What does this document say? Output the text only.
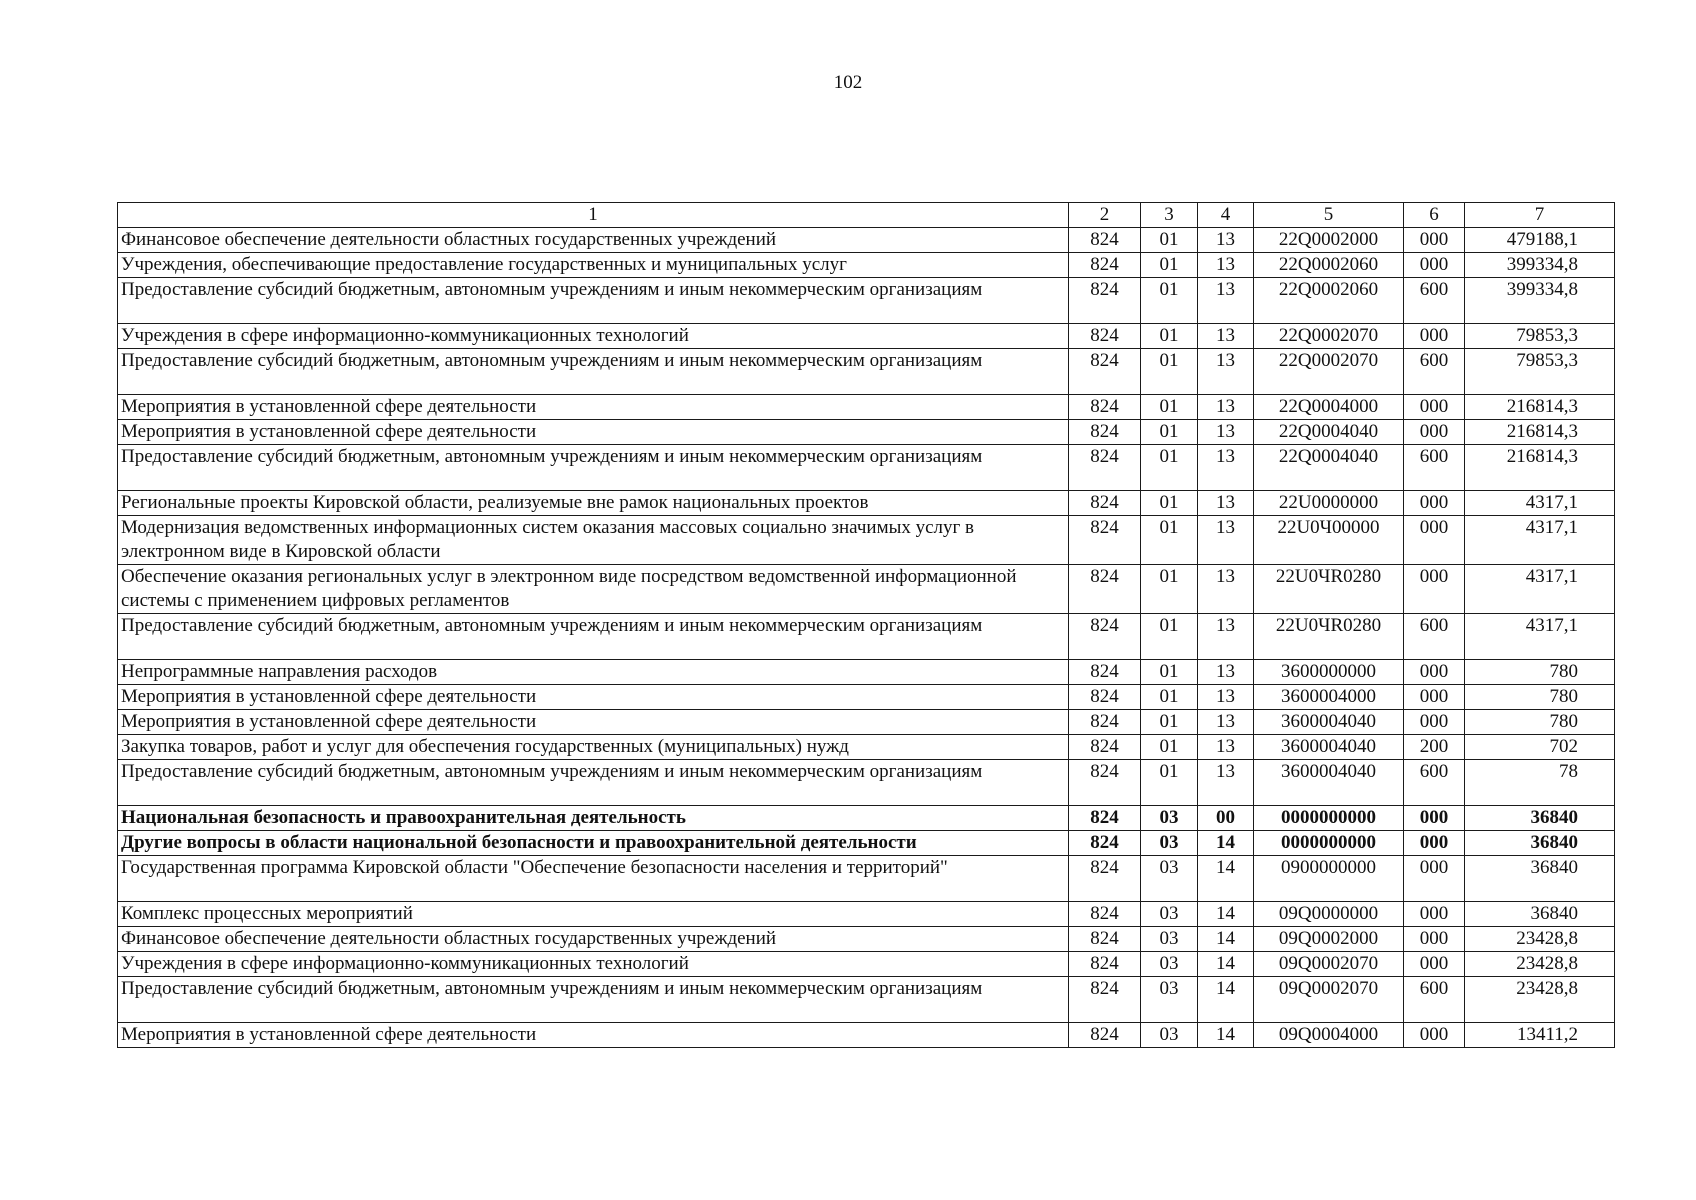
102
1	2	3	4	5	6	7
Финансовое обеспечение деятельности областных государственных учреждений	824	01	13	22Q0002000	000	479188,1
Учреждения, обеспечивающие предоставление государственных и муниципальных услуг	824	01	13	22Q0002060	000	399334,8
Предоставление субсидий бюджетным, автономным учреждениям и иным некоммерческим организациям	824	01	13	22Q0002060	600	399334,8
Учреждения в сфере информационно-коммуникационных технологий	824	01	13	22Q0002070	000	79853,3
Предоставление субсидий бюджетным, автономным учреждениям и иным некоммерческим организациям	824	01	13	22Q0002070	600	79853,3
Мероприятия в установленной сфере деятельности	824	01	13	22Q0004000	000	216814,3
Мероприятия в установленной сфере деятельности	824	01	13	22Q0004040	000	216814,3
Предоставление субсидий бюджетным, автономным учреждениям и иным некоммерческим организациям	824	01	13	22Q0004040	600	216814,3
Региональные проекты Кировской области, реализуемые вне рамок национальных проектов	824	01	13	22U0000000	000	4317,1
Модернизация ведомственных информационных систем оказания массовых социально значимых услуг в электронном виде в Кировской области	824	01	13	22U0Ч00000	000	4317,1
Обеспечение оказания региональных услуг в электронном виде посредством ведомственной информационной системы с применением цифровых регламентов	824	01	13	22U0ЧR0280	000	4317,1
Предоставление субсидий бюджетным, автономным учреждениям и иным некоммерческим организациям	824	01	13	22U0ЧR0280	600	4317,1
Непрограммные направления расходов	824	01	13	3600000000	000	780
Мероприятия в установленной сфере деятельности	824	01	13	3600004000	000	780
Мероприятия в установленной сфере деятельности	824	01	13	3600004040	000	780
Закупка товаров, работ и услуг для обеспечения государственных (муниципальных) нужд	824	01	13	3600004040	200	702
Предоставление субсидий бюджетным, автономным учреждениям и иным некоммерческим организациям	824	01	13	3600004040	600	78
Национальная безопасность и правоохранительная деятельность	824	03	00	0000000000	000	36840
Другие вопросы в области национальной безопасности и правоохранительной деятельности	824	03	14	0000000000	000	36840
Государственная программа Кировской области "Обеспечение безопасности населения и территорий"	824	03	14	0900000000	000	36840
Комплекс процессных мероприятий	824	03	14	09Q0000000	000	36840
Финансовое обеспечение деятельности областных государственных учреждений	824	03	14	09Q0002000	000	23428,8
Учреждения в сфере информационно-коммуникационных технологий	824	03	14	09Q0002070	000	23428,8
Предоставление субсидий бюджетным, автономным учреждениям и иным некоммерческим организациям	824	03	14	09Q0002070	600	23428,8
Мероприятия в установленной сфере деятельности	824	03	14	09Q0004000	000	13411,2
